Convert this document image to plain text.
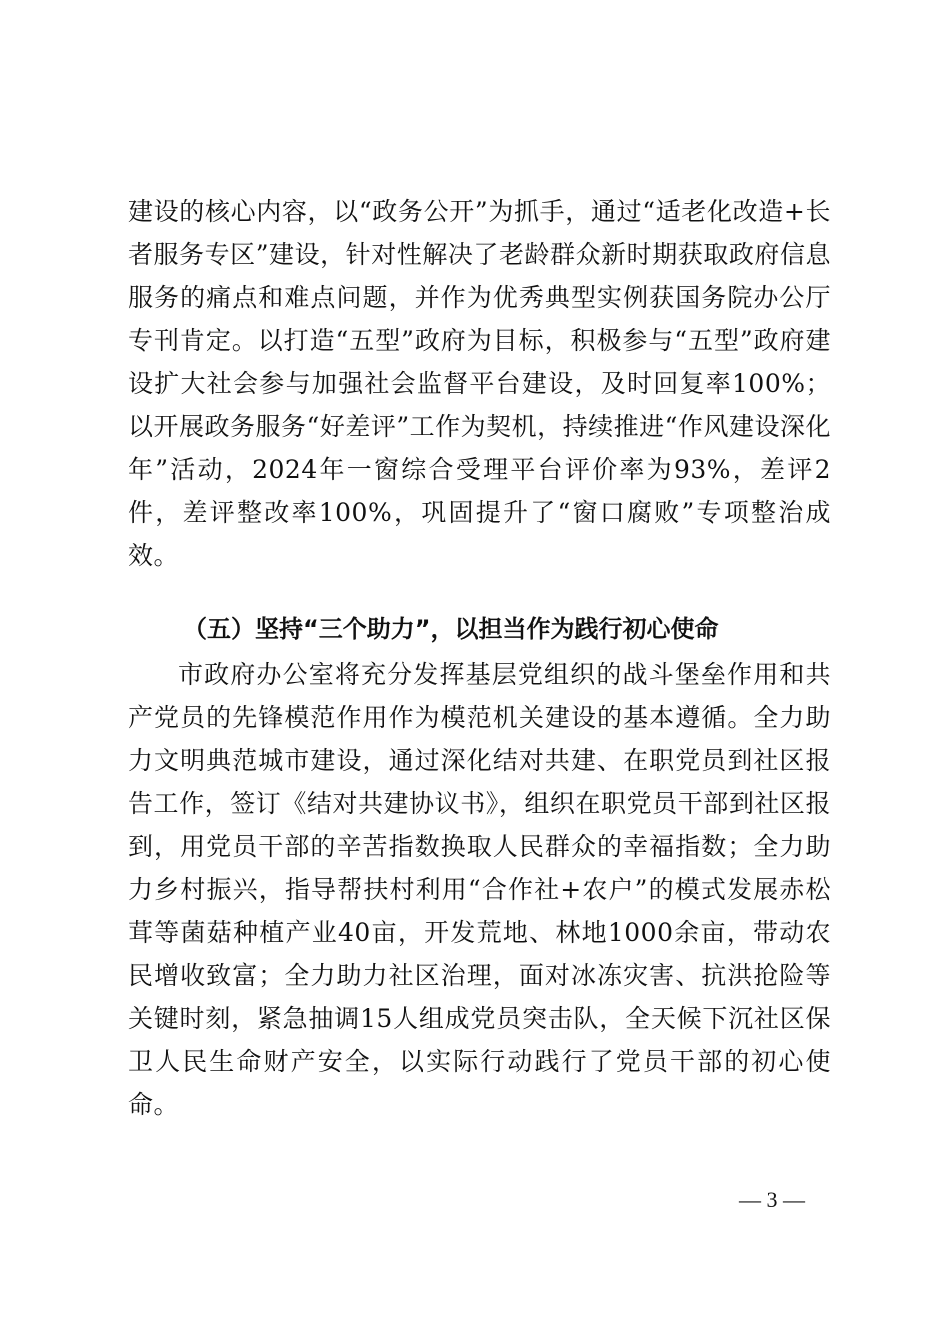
建设的核心内容，以“政务公开”为抓手，通过“适老化改造+长者服务专区”建设，针对性解决了老龄群众新时期获取政府信息服务的痛点和难点问题，并作为优秀典型实例获国务院办公厅专刊肯定。以打造“五型”政府为目标，积极参与“五型”政府建设扩大社会参与加强社会监督平台建设，及时回复率100%；以开展政务服务“好差评”工作为契机，持续推进“作风建设深化年”活动，2024年一窗综合受理平台评价率为93%，差评2件，差评整改率100%，巩固提升了“窗口腐败”专项整治成效。

（五）坚持“三个助力”，以担当作为践行初心使命

市政府办公室将充分发挥基层党组织的战斗堡垒作用和共产党员的先锋模范作用作为模范机关建设的基本遵循。全力助力文明典范城市建设，通过深化结对共建、在职党员到社区报告工作，签订《结对共建协议书》，组织在职党员干部到社区报到，用党员干部的辛苦指数换取人民群众的幸福指数；全力助力乡村振兴，指导帮扶村利用“合作社+农户”的模式发展赤松茸等菌菇种植产业40亩，开发荒地、林地1000余亩，带动农民增收致富；全力助力社区治理，面对冰冻灾害、抗洪抢险等关键时刻，紧急抽调15人组成党员突击队，全天候下沉社区保卫人民生命财产安全，以实际行动践行了党员干部的初心使命。

— 3 —
